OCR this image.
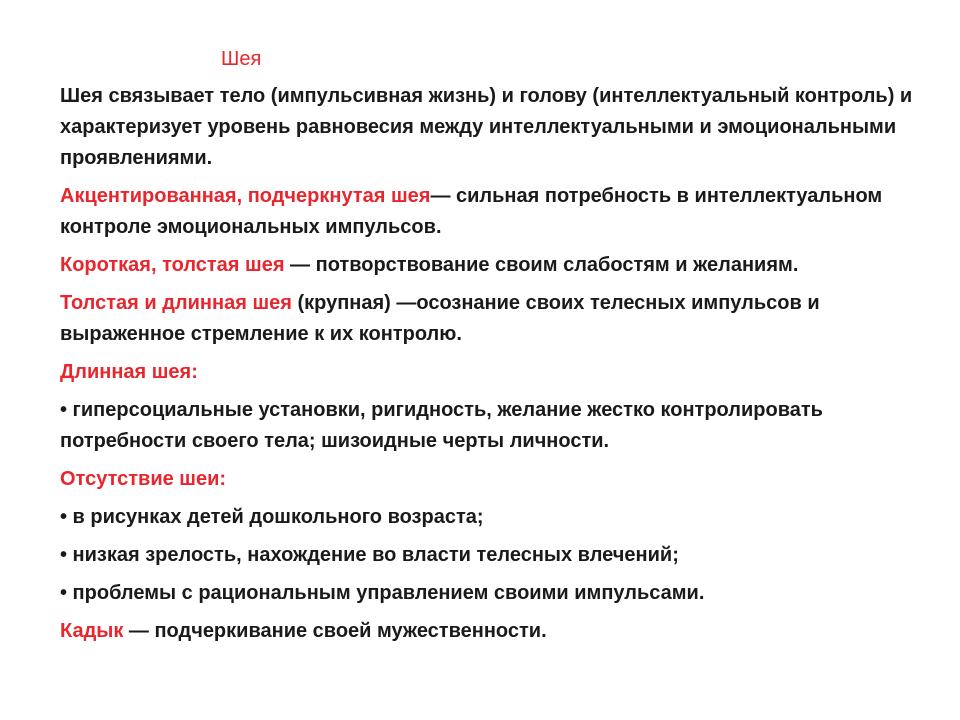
Шея

Шея связывает тело (импульсивная жизнь) и голову (интеллектуальный контроль) и характеризует уровень равновесия между интеллектуальными и эмоциональными проявлениями.

Акцентированная, подчеркнутая шея— сильная потребность в интеллектуальном контроле эмоциональных импульсов.

Короткая, толстая шея — потворствование своим слабостям и желаниям.

Толстая и длинная шея (крупная) —осознание своих телесных импульсов и выраженное стремление к их контролю.

Длинная шея:

• гиперсоциальные установки, ригидность, желание жестко контролировать потребности своего тела; шизоидные черты личности.

Отсутствие шеи:

• в рисунках детей дошкольного возраста;

• низкая зрелость, нахождение во власти телесных влечений;

• проблемы с рациональным управлением своими импульсами.

Кадык — подчеркивание своей мужественности.
